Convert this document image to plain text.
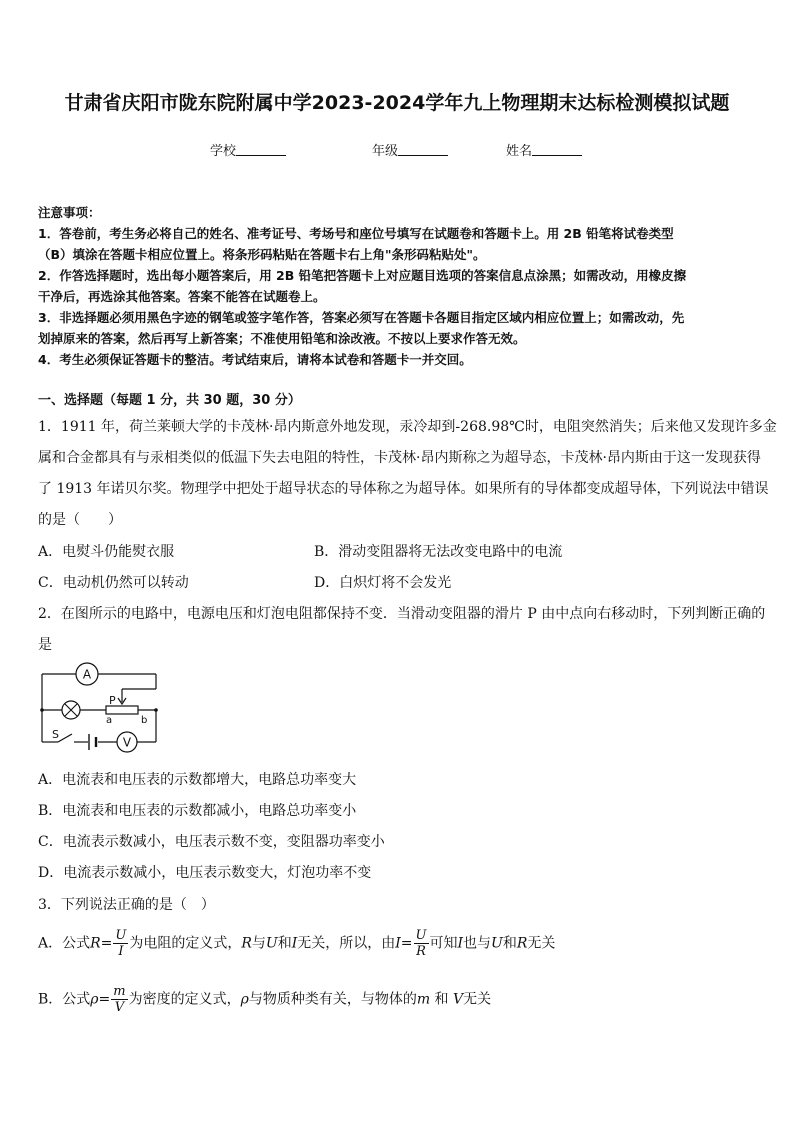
甘肃省庆阳市陇东院附属中学2023-2024学年九上物理期末达标检测模拟试题
学校	年级	姓名
注意事项：
1．答卷前，考生务必将自己的姓名、准考证号、考场号和座位号填写在试题卷和答题卡上。用 2B 铅笔将试卷类型
（B）填涂在答题卡相应位置上。将条形码粘贴在答题卡右上角"条形码粘贴处"。
2．作答选择题时，选出每小题答案后，用 2B 铅笔把答题卡上对应题目选项的答案信息点涂黑；如需改动，用橡皮擦
干净后，再选涂其他答案。答案不能答在试题卷上。
3．非选择题必须用黑色字迹的钢笔或签字笔作答，答案必须写在答题卡各题目指定区域内相应位置上；如需改动，先
划掉原来的答案，然后再写上新答案；不准使用铅笔和涂改液。不按以上要求作答无效。
4．考生必须保证答题卡的整洁。考试结束后，请将本试卷和答题卡一并交回。
一、选择题（每题 1 分，共 30 题，30 分）
1．1911 年，荷兰莱顿大学的卡茂林·昂内斯意外地发现，汞冷却到-268.98℃时，电阻突然消失；后来他又发现许多金
属和合金都具有与汞相类似的低温下失去电阻的特性，卡茂林·昂内斯称之为超导态，卡茂林·昂内斯由于这一发现获得
了 1913 年诺贝尔奖。物理学中把处于超导状态的导体称之为超导体。如果所有的导体都变成超导体，下列说法中错误
的是（　　）
A．电熨斗仍能熨衣服	B．滑动变阻器将无法改变电路中的电流
C．电动机仍然可以转动	D．白炽灯将不会发光
2．在图所示的电路中，电源电压和灯泡电阻都保持不变．当滑动变阻器的滑片 P 由中点向右移动时，下列判断正确的
是
A
V
P
a	b
S
A．电流表和电压表的示数都增大，电路总功率变大
B．电流表和电压表的示数都减小，电路总功率变小
C．电流表示数减小，电压表示数不变，变阻器功率变小
D．电流表示数减小，电压表示数变大，灯泡功率不变
3．下列说法正确的是（　）
A．公式$R= \frac{U}{I}$ 为电阻的定义式，R与U和I无关，所以，由$I= \frac{U}{R}$ 可知I也与U和R无关
B．公式$\rho= \frac{m}{V}$ 为密度的定义式，ρ与物质种类有关，与物体的m 和 V无关
